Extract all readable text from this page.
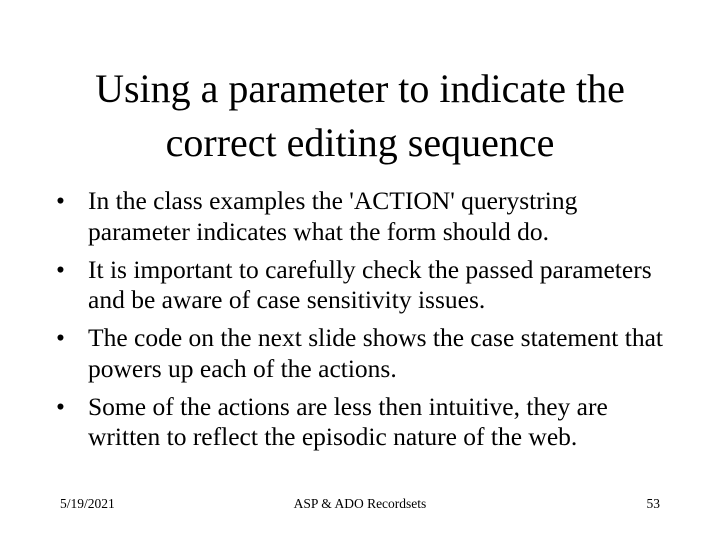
Using a parameter to indicate the
correct editing sequence
• In the class examples the 'ACTION' querystring parameter indicates what the form should do.
• It is important to carefully check the passed parameters and be aware of case sensitivity issues.
• The code on the next slide shows the case statement that powers up each of the actions.
• Some of the actions are less then intuitive, they are written to reflect the episodic nature of the web.
5/19/2021	ASP & ADO Recordsets	53
